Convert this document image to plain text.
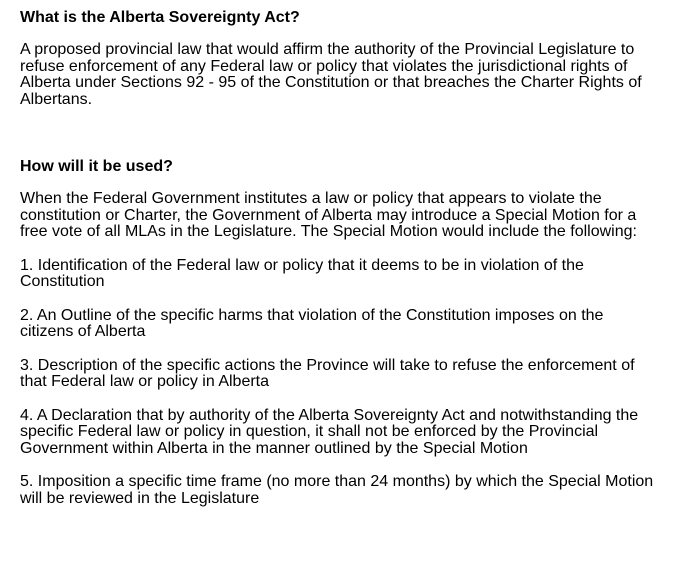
What is the Alberta Sovereignty Act?

A proposed provincial law that would affirm the authority of the Provincial Legislature to refuse enforcement of any Federal law or policy that violates the jurisdictional rights of Alberta under Sections 92 - 95 of the Constitution or that breaches the Charter Rights of Albertans.

How will it be used?

When the Federal Government institutes a law or policy that appears to violate the constitution or Charter, the Government of Alberta may introduce a Special Motion for a free vote of all MLAs in the Legislature. The Special Motion would include the following:

1. Identification of the Federal law or policy that it deems to be in violation of the Constitution

2. An Outline of the specific harms that violation of the Constitution imposes on the citizens of Alberta

3. Description of the specific actions the Province will take to refuse the enforcement of that Federal law or policy in Alberta

4. A Declaration that by authority of the Alberta Sovereignty Act and notwithstanding the specific Federal law or policy in question, it shall not be enforced by the Provincial Government within Alberta in the manner outlined by the Special Motion

5. Imposition a specific time frame (no more than 24 months) by which the Special Motion will be reviewed in the Legislature
